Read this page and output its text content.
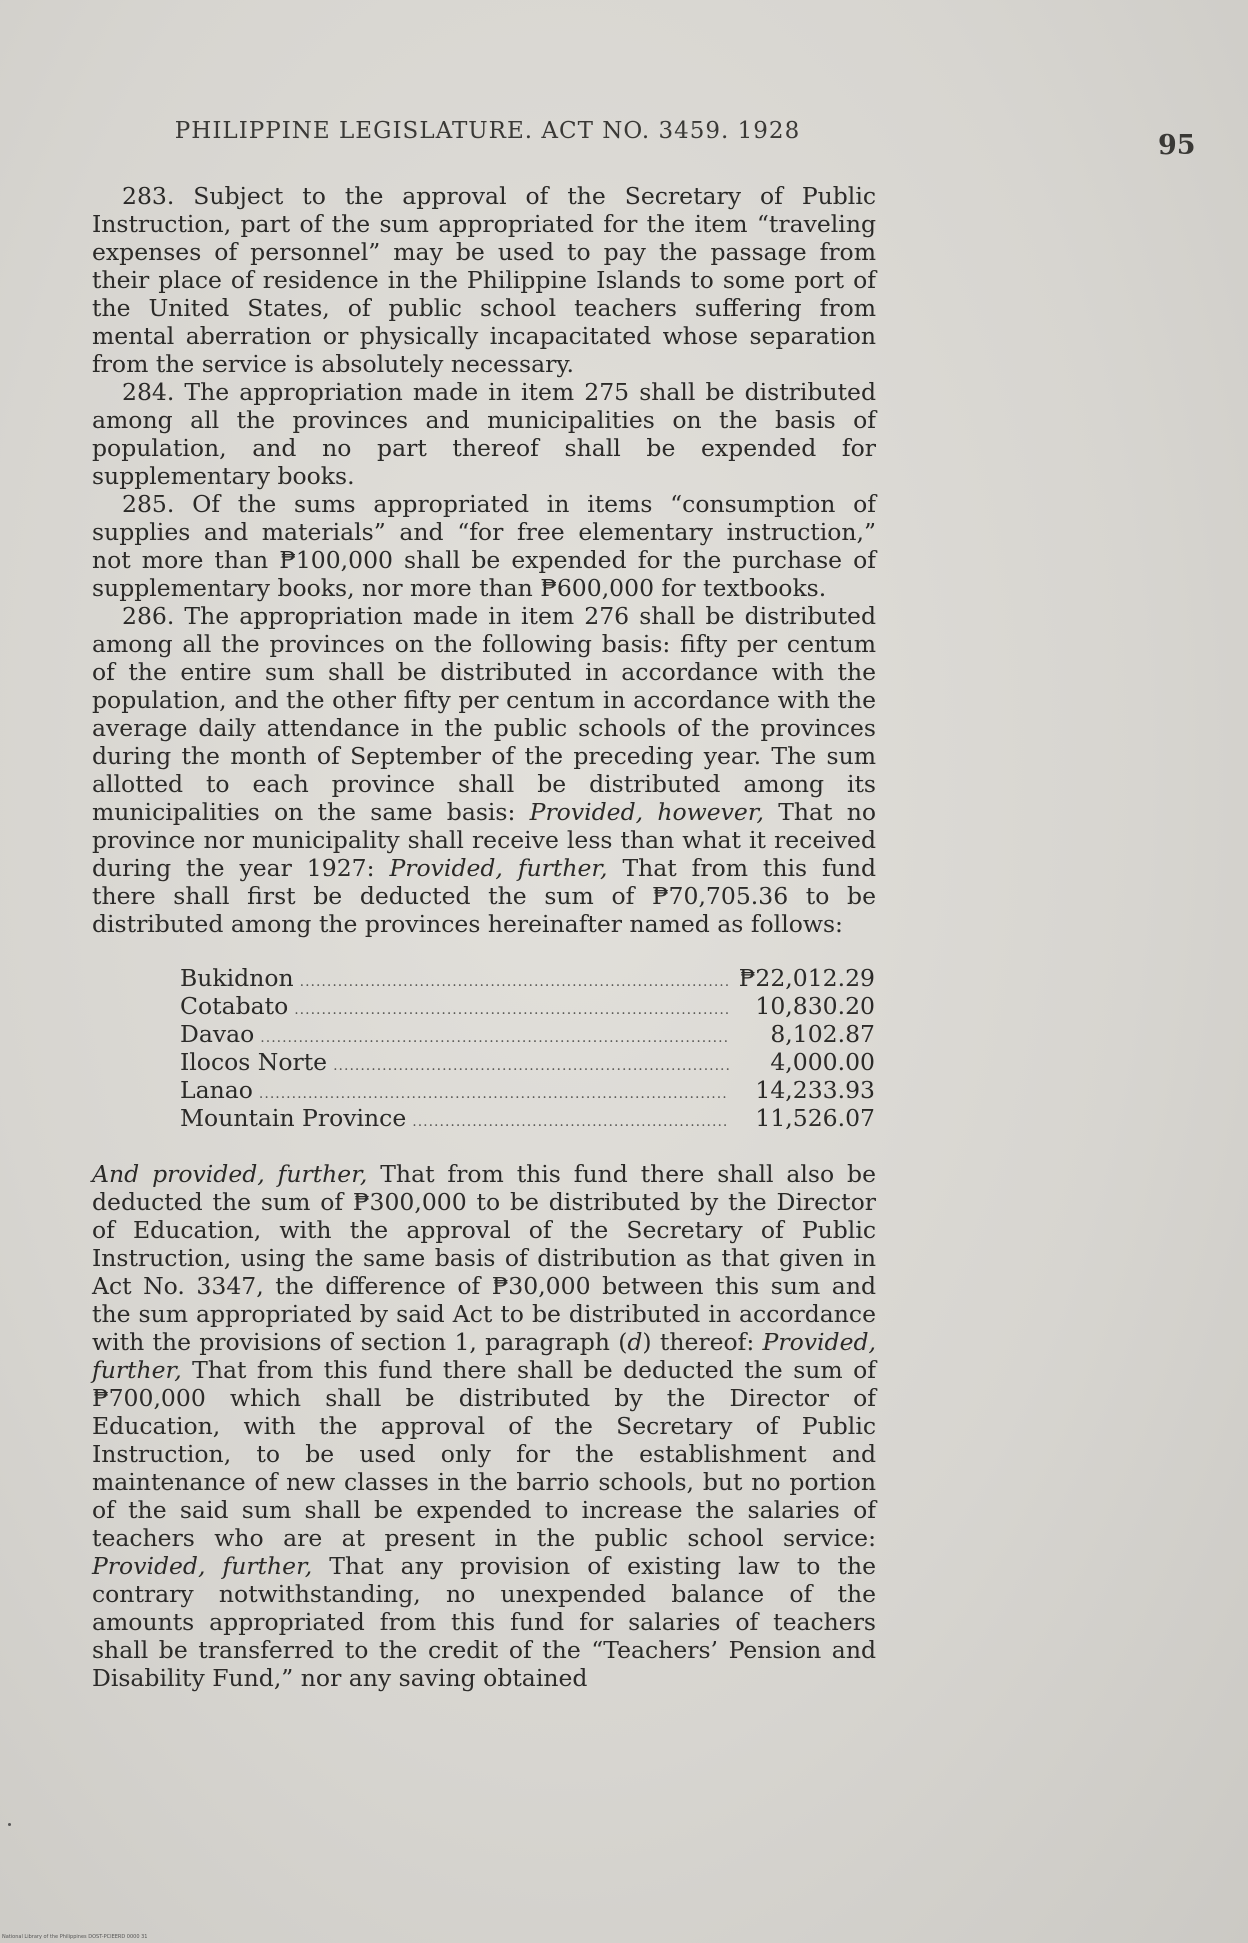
PHILIPPINE LEGISLATURE. ACT NO. 3459. 1928	95

283. Subject to the approval of the Secretary of Public Instruction, part of the sum appropriated for the item “traveling expenses of personnel” may be used to pay the passage from their place of residence in the Philippine Islands to some port of the United States, of public school teachers suffering from mental aberration or physically incapacitated whose separation from the service is absolutely necessary.

284. The appropriation made in item 275 shall be distributed among all the provinces and municipalities on the basis of population, and no part thereof shall be expended for supplementary books.

285. Of the sums appropriated in items “consumption of supplies and materials” and “for free elementary instruction,” not more than ₱100,000 shall be expended for the purchase of supplementary books, nor more than ₱600,000 for textbooks.

286. The appropriation made in item 276 shall be distributed among all the provinces on the following basis: fifty per centum of the entire sum shall be distributed in accordance with the population, and the other fifty per centum in accordance with the average daily attendance in the public schools of the provinces during the month of September of the preceding year. The sum allotted to each province shall be distributed among its municipalities on the same basis: Provided, however, That no province nor municipality shall receive less than what it received during the year 1927: Provided, further, That from this fund there shall first be deducted the sum of ₱70,705.36 to be distributed among the provinces hereinafter named as follows:

Bukidnon .....	₱22,012.29
Cotabato .....	10,830.20
Davao .....	8,102.87
Ilocos Norte .....	4,000.00
Lanao .....	14,233.93
Mountain Province .....	11,526.07

And provided, further, That from this fund there shall also be deducted the sum of ₱300,000 to be distributed by the Director of Education, with the approval of the Secretary of Public Instruction, using the same basis of distribution as that given in Act No. 3347, the difference of ₱30,000 between this sum and the sum appropriated by said Act to be distributed in accordance with the provisions of section 1, paragraph (d) thereof: Provided, further, That from this fund there shall be deducted the sum of ₱700,000 which shall be distributed by the Director of Education, with the approval of the Secretary of Public Instruction, to be used only for the establishment and maintenance of new classes in the barrio schools, but no portion of the said sum shall be expended to increase the salaries of teachers who are at present in the public school service: Provided, further, That any provision of existing law to the contrary notwithstanding, no unexpended balance of the amounts appropriated from this fund for salaries of teachers shall be transferred to the credit of the “Teachers’ Pension and Disability Fund,” nor any saving obtained

National Library of the Philippines DOST-PCIEERD 0000 31
